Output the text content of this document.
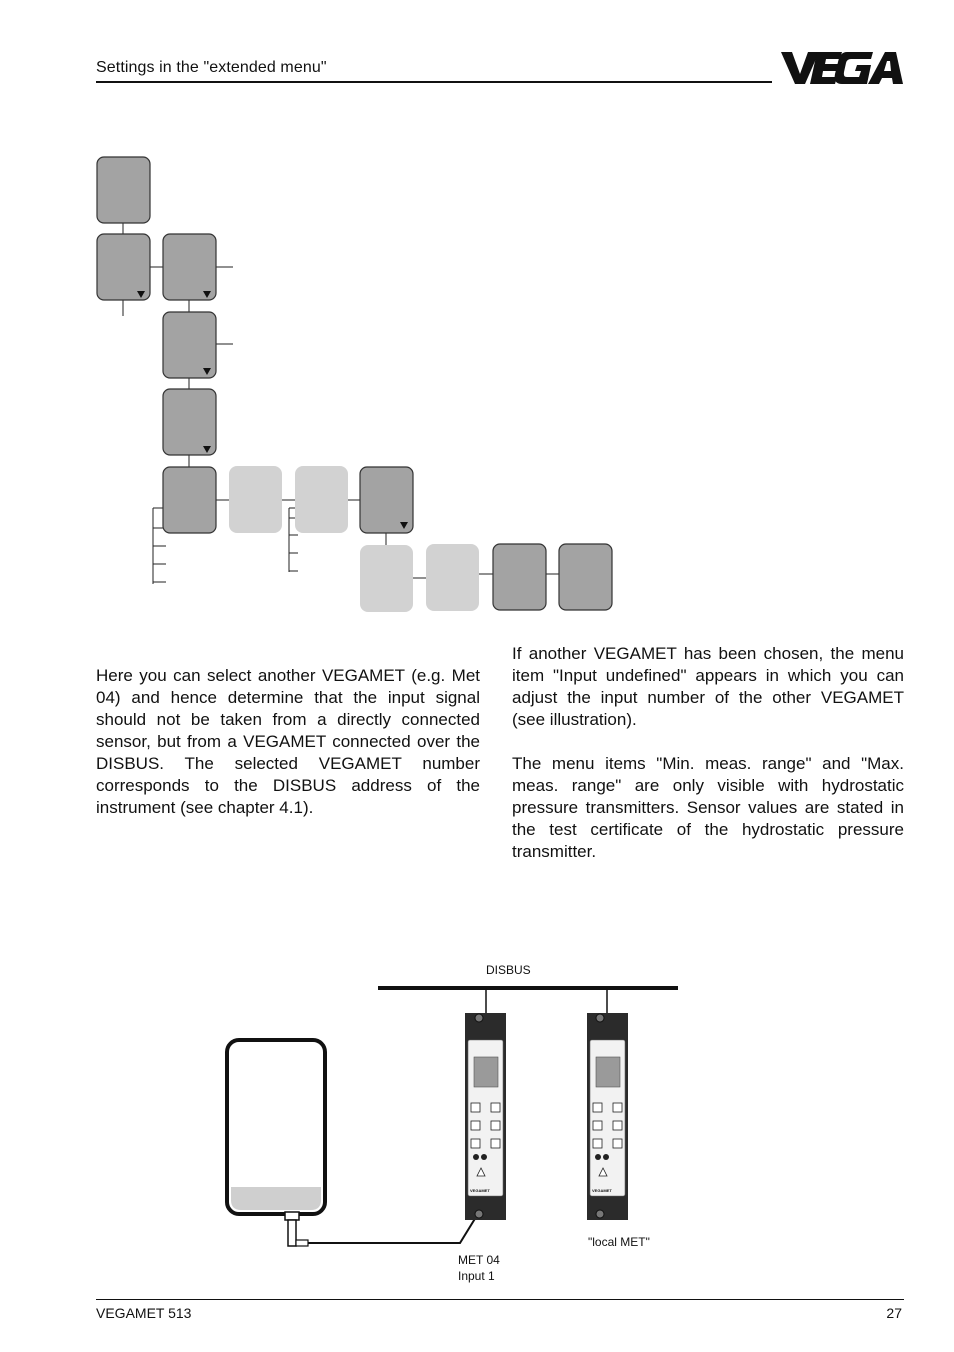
Settings in the "extended menu"

Here you can select another VEGAMET (e.g. Met 04) and hence determine that the input signal should not be taken from a directly connected sensor, but from a VEGAMET connected over the DISBUS. The selected VEGAMET number corresponds to the DISBUS address of the instrument (see chapter 4.1).

If another VEGAMET has been chosen, the menu item "Input undefined" appears in which you can adjust the input number of the other VEGAMET (see illustration).

The menu items "Min. meas. range" and "Max. meas. range" are only visible with hydrostatic pressure transmitters. Sensor values are stated in the test certificate of the hydrostatic pressure transmitter.

DISBUS
MET 04
Input 1
"local MET"
VEGAMET	VEGAMET
VEGAMET 513	27
